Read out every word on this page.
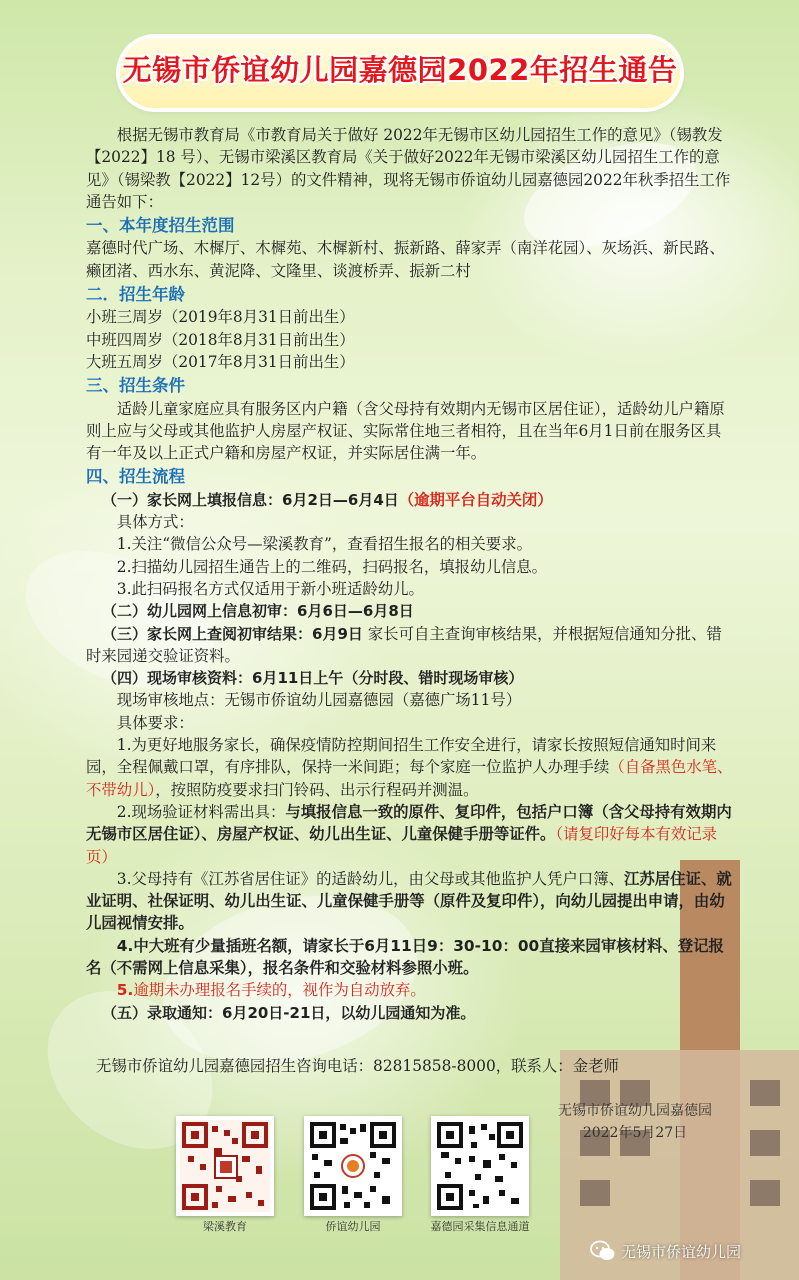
无锡市侨谊幼儿园嘉德园2022年招生通告

根据无锡市教育局《市教育局关于做好 2022年无锡市区幼儿园招生工作的意见》（锡教发【2022】18 号）、无锡市梁溪区教育局《关于做好2022年无锡市梁溪区幼儿园招生工作的意见》（锡梁教【2022】12号）的文件精神，现将无锡市侨谊幼儿园嘉德园2022年秋季招生工作通告如下：

一、本年度招生范围

嘉德时代广场、木樨厅、木樨苑、木樨新村、振新路、薛家弄（南洋花园）、灰场浜、新民路、癞团渚、西水东、黄泥降、文隆里、谈渡桥弄、振新二村

二．招生年龄

小班三周岁（2019年8月31日前出生）

中班四周岁（2018年8月31日前出生）

大班五周岁（2017年8月31日前出生）

三、招生条件

适龄儿童家庭应具有服务区内户籍（含父母持有效期内无锡市区居住证），适龄幼儿户籍原则上应与父母或其他监护人房屋产权证、实际常住地三者相符，且在当年6月1日前在服务区具有一年及以上正式户籍和房屋产权证，并实际居住满一年。

四、招生流程

（一）家长网上填报信息：6月2日—6月4日（逾期平台自动关闭）

具体方式：

1.关注“微信公众号—梁溪教育”，查看招生报名的相关要求。

2.扫描幼儿园招生通告上的二维码，扫码报名，填报幼儿信息。

3.此扫码报名方式仅适用于新小班适龄幼儿。

（二）幼儿园网上信息初审：6月6日—6月8日

（三）家长网上查阅初审结果：6月9日 家长可自主查询审核结果，并根据短信通知分批、错时来园递交验证资料。

（四）现场审核资料：6月11日上午（分时段、错时现场审核）

现场审核地点：无锡市侨谊幼儿园嘉德园（嘉德广场11号）

具体要求：

1.为更好地服务家长，确保疫情防控期间招生工作安全进行，请家长按照短信通知时间来园，全程佩戴口罩，有序排队，保持一米间距；每个家庭一位监护人办理手续（自备黑色水笔、不带幼儿），按照防疫要求扫门铃码、出示行程码并测温。

2.现场验证材料需出具：与填报信息一致的原件、复印件，包括户口簿（含父母持有效期内无锡市区居住证）、房屋产权证、幼儿出生证、儿童保健手册等证件。（请复印好每本有效记录页）

3.父母持有《江苏省居住证》的适龄幼儿，由父母或其他监护人凭户口簿、江苏居住证、就业证明、社保证明、幼儿出生证、儿童保健手册等（原件及复印件），向幼儿园提出申请，由幼儿园视情安排。

4.中大班有少量插班名额，请家长于6月11日9：30-10：00直接来园审核材料、登记报名（不需网上信息采集），报名条件和交验材料参照小班。

5.逾期未办理报名手续的，视作为自动放弃。

（五）录取通知：6月20日-21日，以幼儿园通知为准。

无锡市侨谊幼儿园嘉德园招生咨询电话：82815858-8000，联系人：金老师
无锡市侨谊幼儿园嘉德园
2022年5月27日
梁溪教育	侨谊幼儿园	嘉德园采集信息通道
无锡市侨谊幼儿园
